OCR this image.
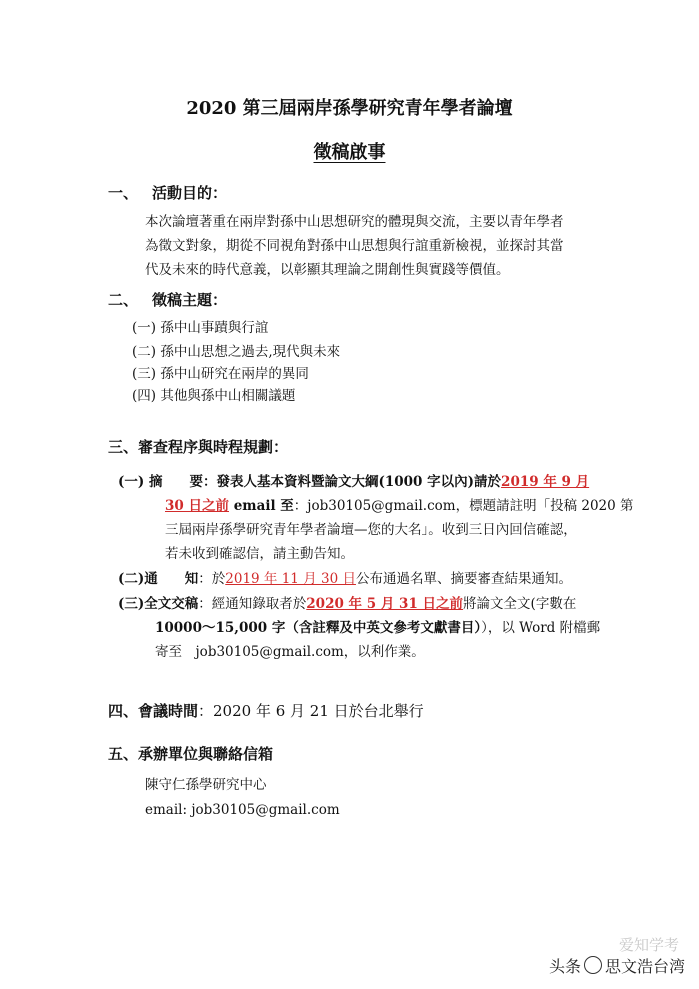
2020 第三屆兩岸孫學研究青年學者論壇
徵稿啟事
一、 活動目的：
本次論壇著重在兩岸對孫中山思想研究的體現與交流，主要以青年學者
為徵文對象，期從不同視角對孫中山思想與行誼重新檢視，並探討其當
代及未來的時代意義，以彰顯其理論之開創性與實踐等價值。
二、 徵稿主題：
(一) 孫中山事蹟與行誼
(二) 孫中山思想之過去,現代與未來
(三) 孫中山研究在兩岸的異同
(四) 其他與孫中山相關議題
三、 審查程序與時程規劃：
(一) 摘　　要：發表人基本資料暨論文大綱(1000 字以內)請於2019 年 9 月
30 日之前 email 至：job30105@gmail.com，標題請註明「投稿 2020 第
三屆兩岸孫學研究青年學者論壇—您的大名」。收到三日內回信確認，
若未收到確認信，請主動告知。
(二)通　　知：於2019 年 11 月 30 日公布通過名單、摘要審查結果通知。
(三)全文交稿：經通知錄取者於2020 年 5 月 31 日之前將論文全文(字數在
10000～15,000 字（含註釋及中英文參考文獻書目）），以 Word 附檔郵
寄至　job30105@gmail.com，以利作業。
四、 會議時間：2020 年 6 月 21 日於台北舉行
五、 承辦單位與聯絡信箱
陳守仁孫學研究中心
email: job30105@gmail.com
爱知学考
头条 思文浩台湾
